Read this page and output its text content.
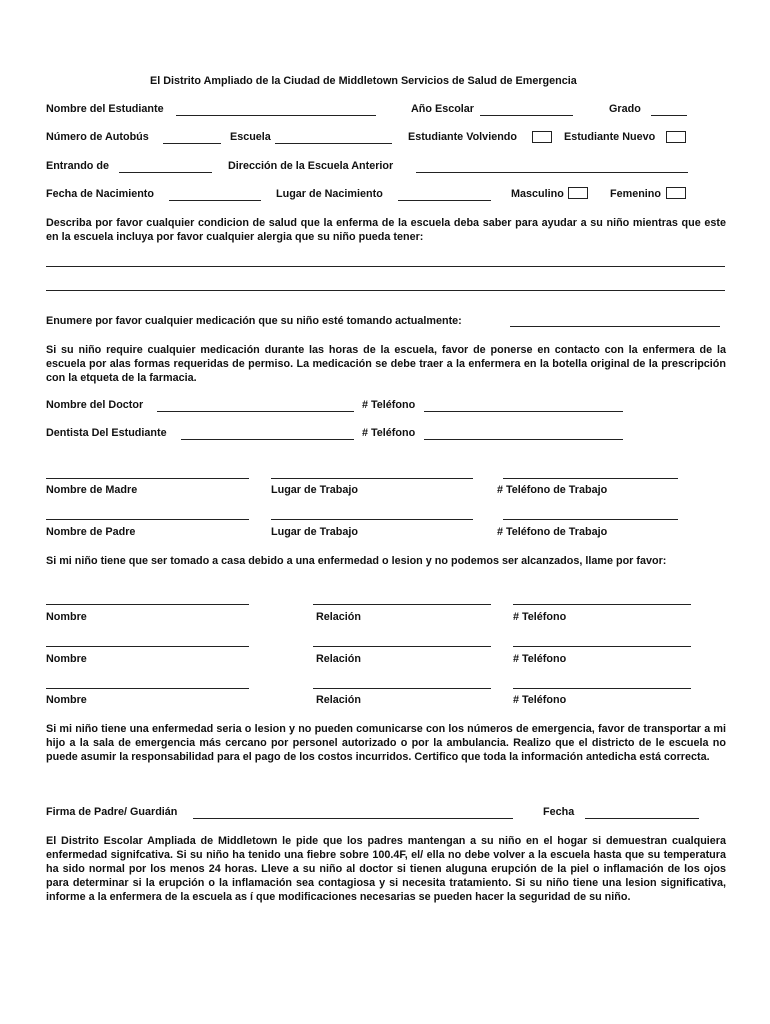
El Distrito Ampliado de la Ciudad de Middletown Servicios de Salud de Emergencia
Nombre del Estudiante	Año Escolar	Grado
Número de Autobús	Escuela	Estudiante Volviendo	Estudiante Nuevo
Entrando de	Dirección de la Escuela Anterior
Fecha de Nacimiento	Lugar de Nacimiento	Masculino	Femenino
Describa por favor cualquier condicion de salud que la enferma de la escuela deba saber para ayudar a su niño mientras que este en la escuela incluya por favor cualquier alergia que su niño pueda tener:
Enumere por favor cualquier medicación que su niño esté tomando actualmente:
Si su niño require cualquier medicación durante las horas de la escuela, favor de ponerse en contacto con la enfermera de la escuela por alas formas requeridas de permiso. La medicación se debe traer a la enfermera en la botella original de la prescripción con la etqueta de la farmacia.
Nombre del Doctor	# Teléfono
Dentista Del Estudiante	# Teléfono
Nombre de Madre	Lugar de Trabajo	# Teléfono de Trabajo
Nombre de Padre	Lugar de Trabajo	# Teléfono de Trabajo
Si mi niño tiene que ser tomado a casa debido a una enfermedad o lesion y no podemos ser alcanzados, llame por favor:
Nombre	Relación	# Teléfono
Nombre	Relación	# Teléfono
Nombre	Relación	# Teléfono
Si mi niño tiene una enfermedad seria o lesion y no pueden comunicarse con los números de emergencia, favor de transportar a mi hijo a la sala de emergencia más cercano por personel autorizado o por la ambulancia. Realizo que el districto de le escuela no puede asumir la responsabilidad para el pago de los costos incurridos. Certifico que toda la información antedicha está correcta.
Firma de Padre/ Guardián	Fecha
El Distrito Escolar Ampliada de Middletown le pide que los padres mantengan a su niño en el hogar si demuestran cualquiera enfermedad signifcativa. Si su niño ha tenido una fiebre sobre 100.4F, el/ ella no debe volver a la escuela hasta que su temperatura ha sido normal por los menos 24 horas. Lleve a su niño al doctor si tienen aluguna erupción de la piel o inflamación de los ojos para determinar si la erupción o la inflamación sea contagiosa y si necesita tratamiento. Si su niño tiene una lesion significativa, informe a la enfermera de la escuela as í que modificaciones necesarias se pueden hacer la seguridad de su niño.
